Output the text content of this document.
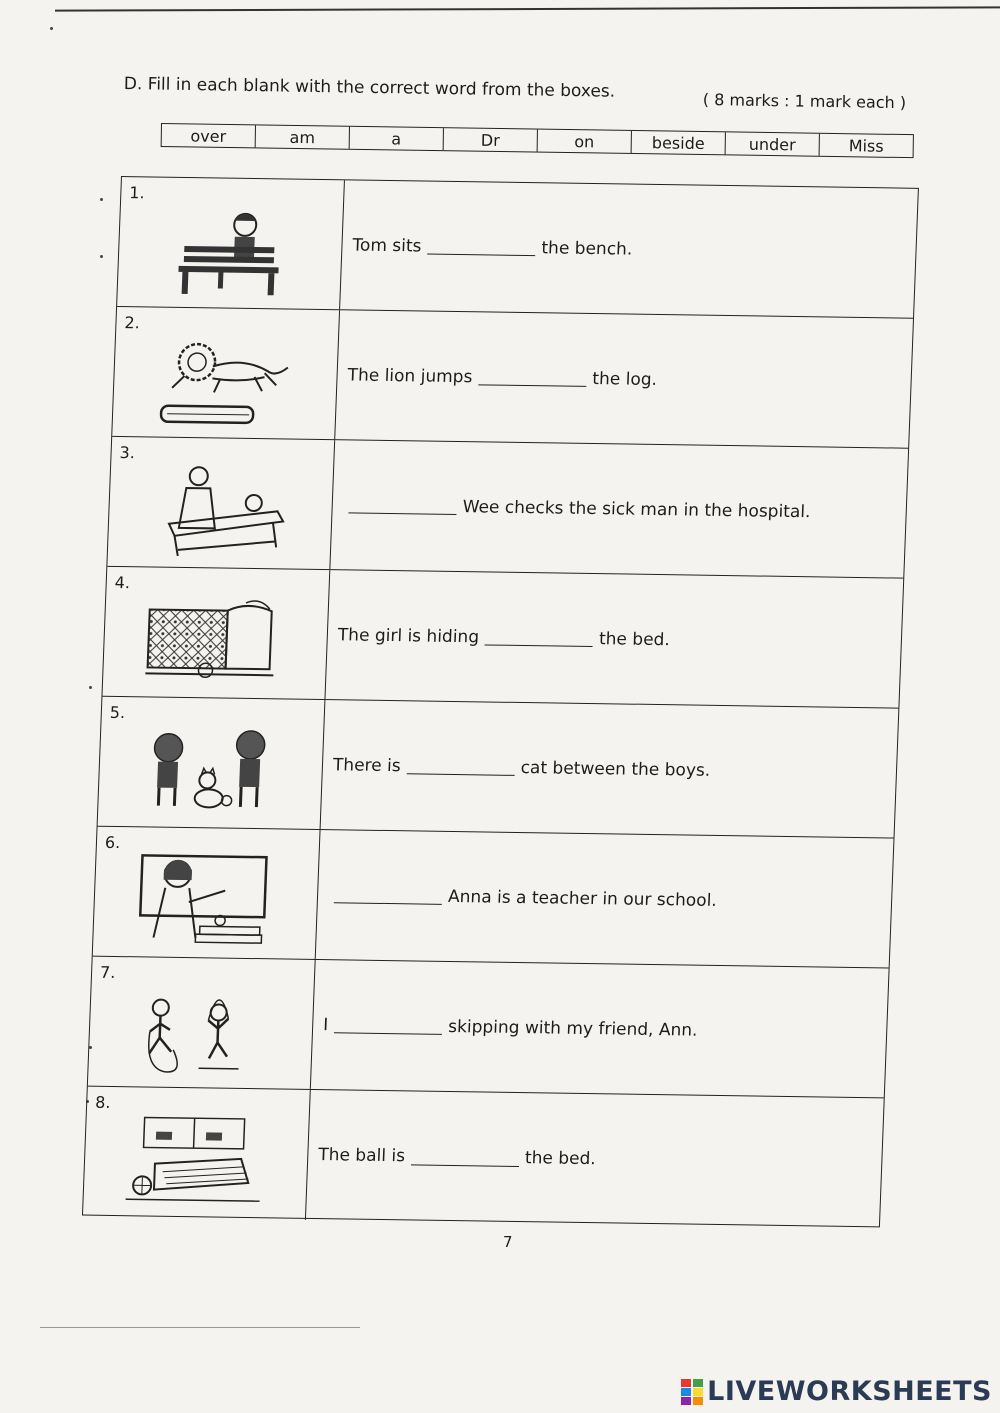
D. Fill in each blank with the correct word from the boxes.	( 8 marks : 1 mark each )
over	am	a	Dr	on	beside	under	Miss
1.
Tom sits	the bench.
2.
The lion jumps	the log.
3.
Wee checks the sick man in the hospital.
4.
The girl is hiding	the bed.
5.
There is	cat between the boys.
6.
Anna is a teacher in our school.
7.
I	skipping with my friend, Ann.
8.
The ball is	the bed.
7
LIVEWORKSHEETS
